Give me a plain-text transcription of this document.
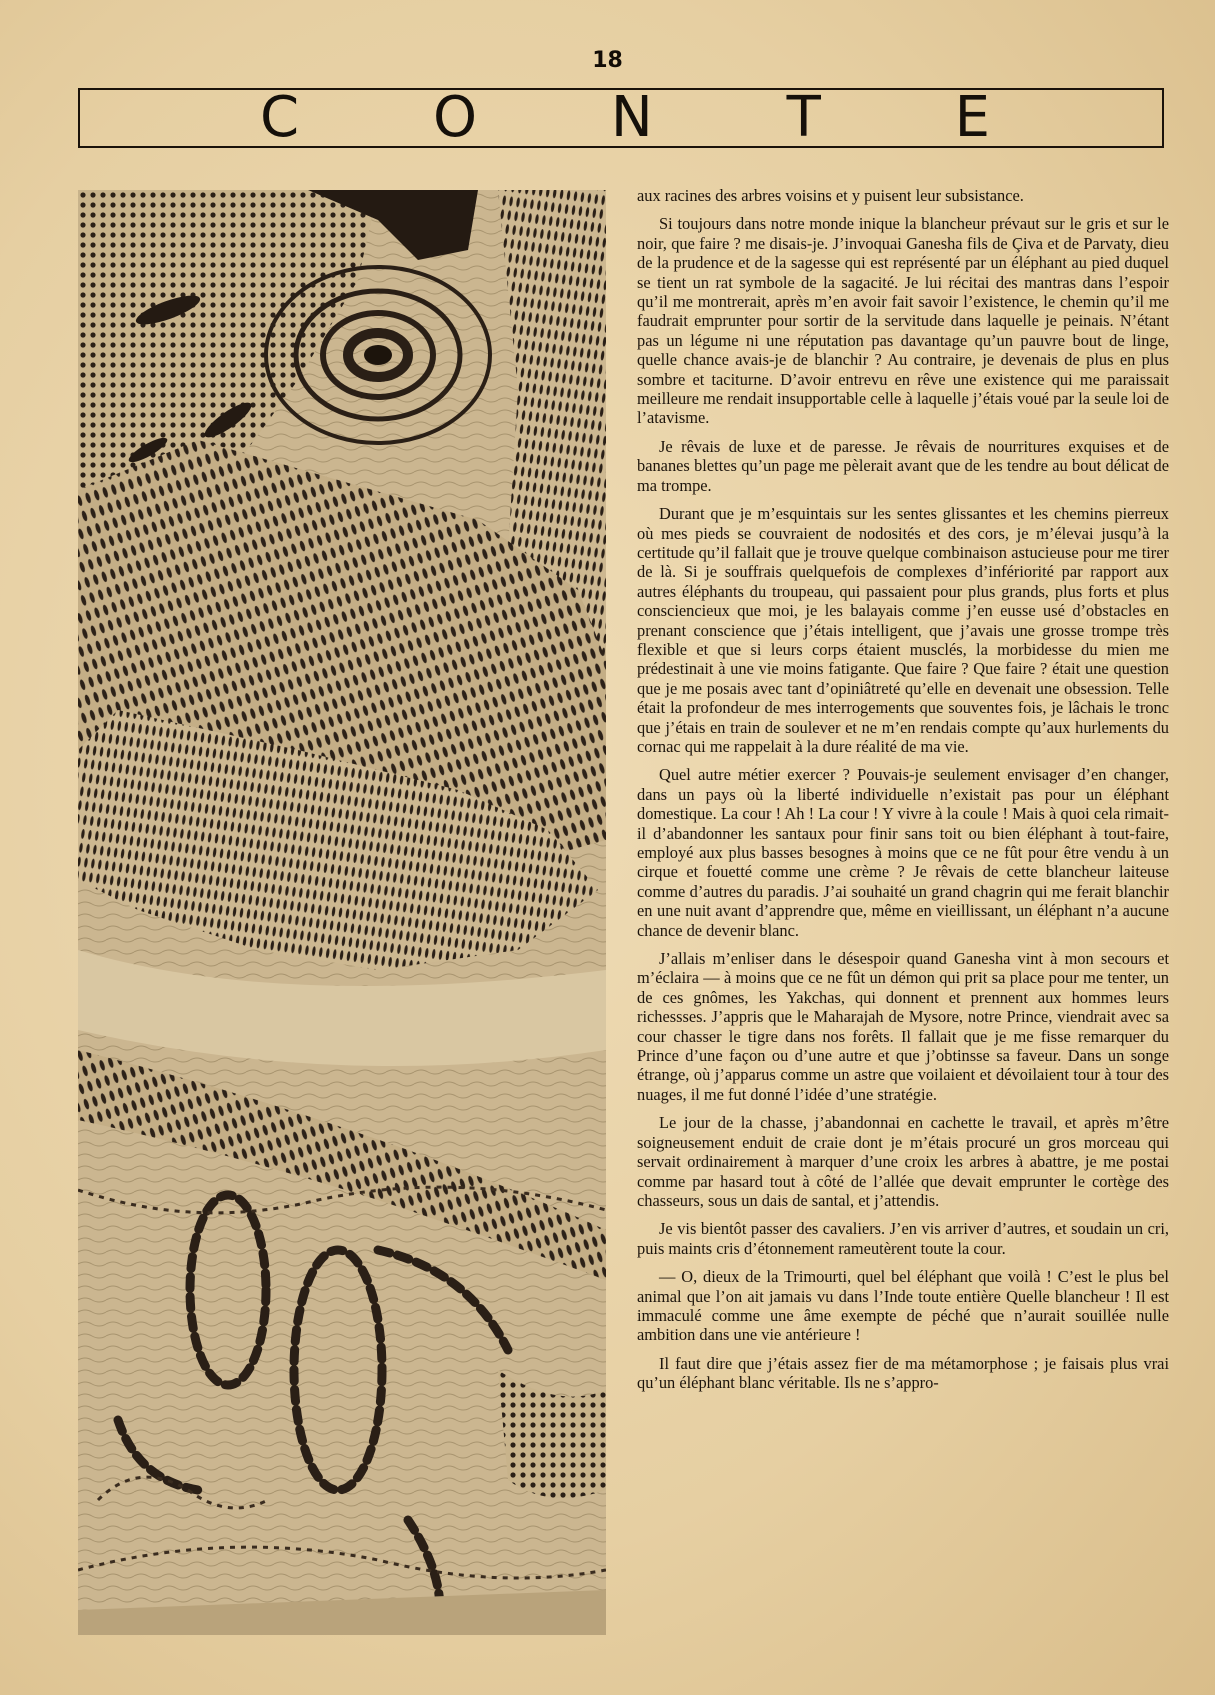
18
C O N T E

aux racines des arbres voisins et y puisent leur subsistance.

Si toujours dans notre monde inique la blancheur prévaut sur le gris et sur le noir, que faire ? me disais-je. J’invoquai Ganesha fils de Çiva et de Parvaty, dieu de la prudence et de la sagesse qui est représenté par un éléphant au pied duquel se tient un rat symbole de la sagacité. Je lui récitai des mantras dans l’espoir qu’il me montrerait, après m’en avoir fait savoir l’existence, le chemin qu’il me faudrait emprunter pour sortir de la servitude dans laquelle je peinais. N’étant pas un légume ni une réputation pas davantage qu’un pauvre bout de linge, quelle chance avais-je de blanchir ? Au contraire, je devenais de plus en plus sombre et taciturne. D’avoir entrevu en rêve une existence qui me paraissait meilleure me rendait insupportable celle à laquelle j’étais voué par la seule loi de l’atavisme.

Je rêvais de luxe et de paresse. Je rêvais de nourritures exquises et de bananes blettes qu’un page me pèlerait avant que de les tendre au bout délicat de ma trompe.

Durant que je m’esquintais sur les sentes glissantes et les chemins pierreux où mes pieds se couvraient de nodosités et des cors, je m’élevai jusqu’à la certitude qu’il fallait que je trouve quelque combinaison astucieuse pour me tirer de là. Si je souffrais quelquefois de complexes d’infériorité par rapport aux autres éléphants du troupeau, qui passaient pour plus grands, plus forts et plus consciencieux que moi, je les balayais comme j’en eusse usé d’obstacles en prenant conscience que j’étais intelligent, que j’avais une grosse trompe très flexible et que si leurs corps étaient musclés, la morbidesse du mien me prédestinait à une vie moins fatigante. Que faire ? Que faire ? était une question que je me posais avec tant d’opiniâtreté qu’elle en devenait une obsession. Telle était la profondeur de mes interrogements que souventes fois, je lâchais le tronc que j’étais en train de soulever et ne m’en rendais compte qu’aux hurlements du cornac qui me rappelait à la dure réalité de ma vie.

Quel autre métier exercer ? Pouvais-je seulement envisager d’en changer, dans un pays où la liberté individuelle n’existait pas pour un éléphant domestique. La cour ! Ah ! La cour ! Y vivre à la coule ! Mais à quoi cela rimait-il d’abandonner les santaux pour finir sans toit ou bien éléphant à tout-faire, employé aux plus basses besognes à moins que ce ne fût pour être vendu à un cirque et fouetté comme une crème ? Je rêvais de cette blancheur laiteuse comme d’autres du paradis. J’ai souhaité un grand chagrin qui me ferait blanchir en une nuit avant d’apprendre que, même en vieillissant, un éléphant n’a aucune chance de devenir blanc.

J’allais m’enliser dans le désespoir quand Ganesha vint à mon secours et m’éclaira — à moins que ce ne fût un démon qui prit sa place pour me tenter, un de ces gnômes, les Yakchas, qui donnent et prennent aux hommes leurs richessses. J’appris que le Maharajah de Mysore, notre Prince, viendrait avec sa cour chasser le tigre dans nos forêts. Il fallait que je me fisse remarquer du Prince d’une façon ou d’une autre et que j’obtinsse sa faveur. Dans un songe étrange, où j’apparus comme un astre que voilaient et dévoilaient tour à tour des nuages, il me fut donné l’idée d’une stratégie.

Le jour de la chasse, j’abandonnai en cachette le travail, et après m’être soigneusement enduit de craie dont je m’étais procuré un gros morceau qui servait ordinairement à marquer d’une croix les arbres à abattre, je me postai comme par hasard tout à côté de l’allée que devait emprunter le cortège des chasseurs, sous un dais de santal, et j’attendis.

Je vis bientôt passer des cavaliers. J’en vis arriver d’autres, et soudain un cri, puis maints cris d’étonnement rameutèrent toute la cour.

— O, dieux de la Trimourti, quel bel éléphant que voilà ! C’est le plus bel animal que l’on ait jamais vu dans l’Inde toute entière Quelle blancheur ! Il est immaculé comme une âme exempte de péché que n’aurait souillée nulle ambition dans une vie antérieure !

Il faut dire que j’étais assez fier de ma métamorphose ; je faisais plus vrai qu’un éléphant blanc véritable. Ils ne s’appro-
